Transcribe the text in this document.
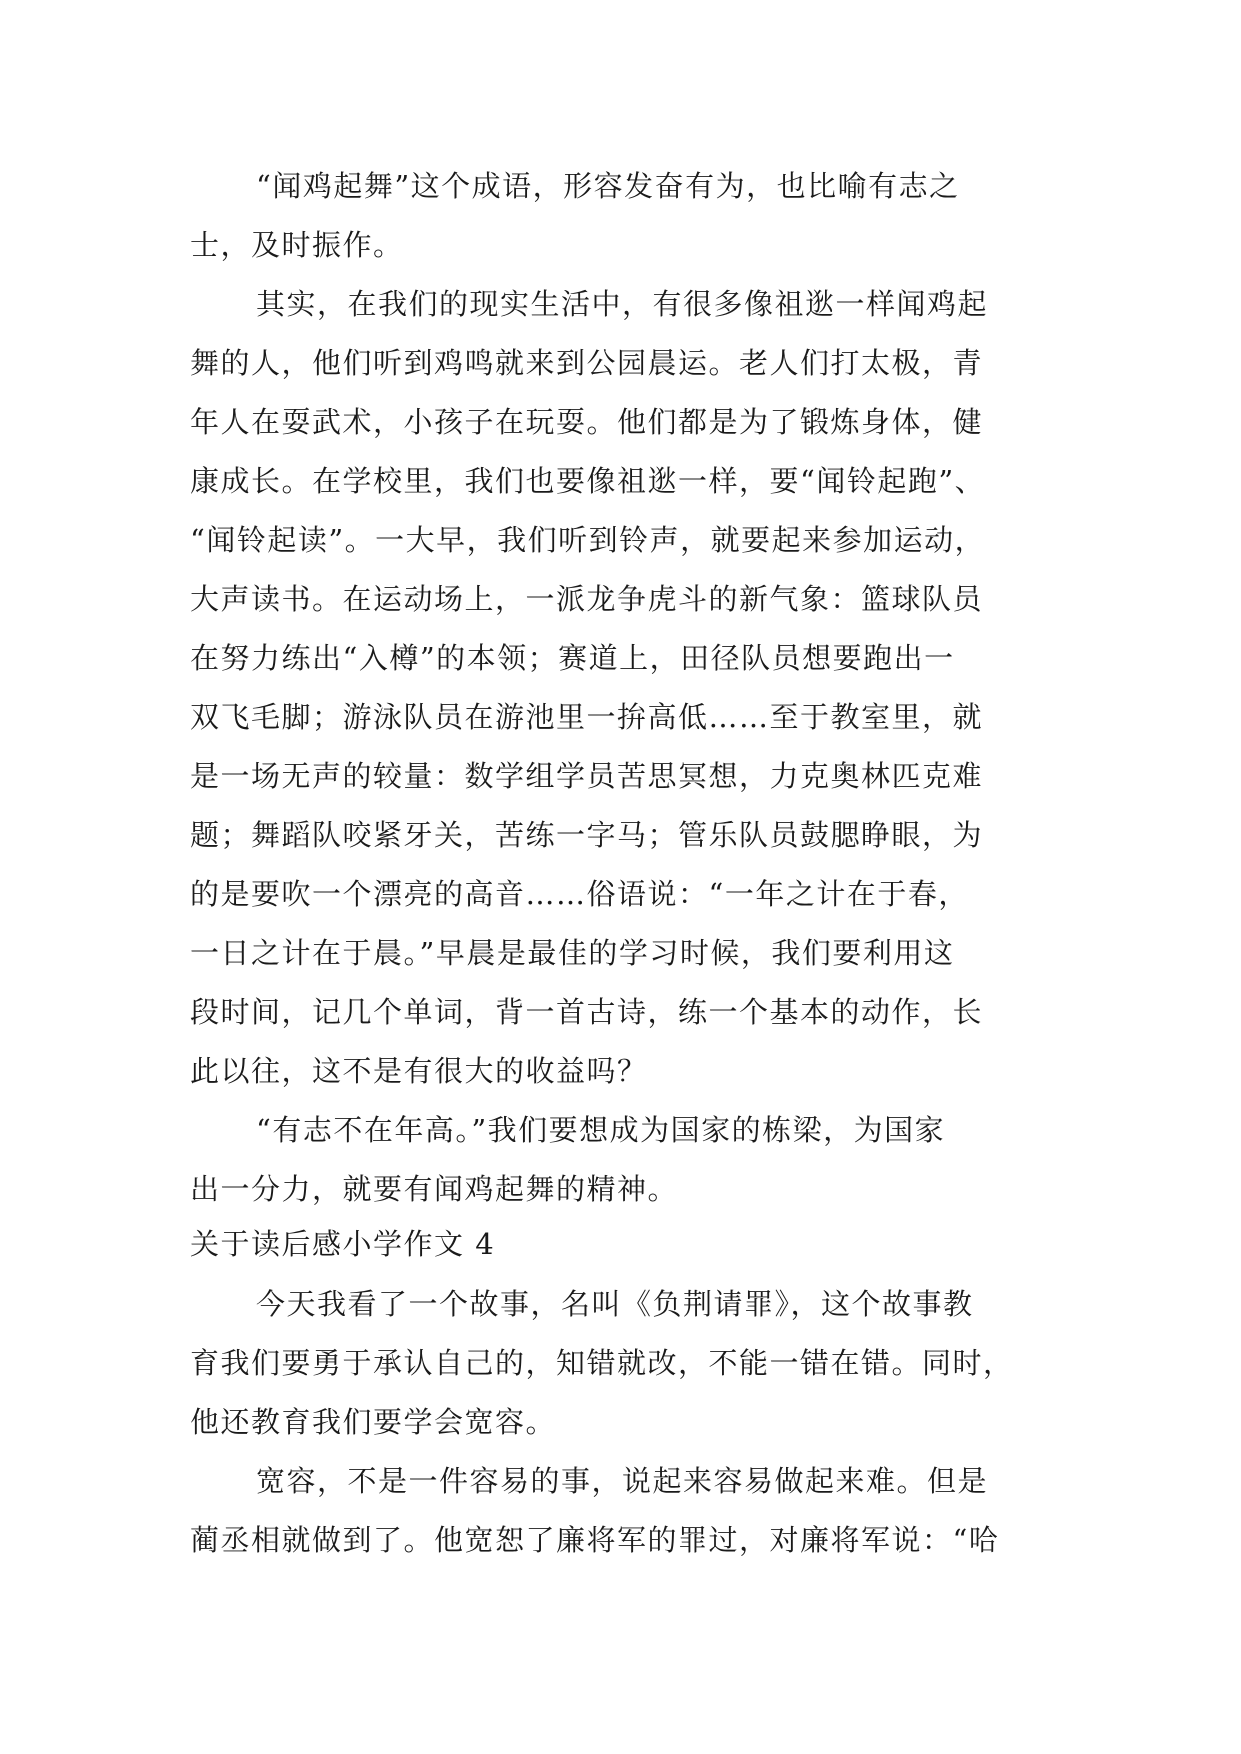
“闻鸡起舞”这个成语，形容发奋有为，也比喻有志之
士，及时振作。
其实，在我们的现实生活中，有很多像祖逖一样闻鸡起
舞的人，他们听到鸡鸣就来到公园晨运。老人们打太极，青
年人在耍武术，小孩子在玩耍。他们都是为了锻炼身体，健
康成长。在学校里，我们也要像祖逖一样，要“闻铃起跑”、
“闻铃起读”。一大早，我们听到铃声，就要起来参加运动，
大声读书。在运动场上，一派龙争虎斗的新气象：篮球队员
在努力练出“入樽”的本领；赛道上，田径队员想要跑出一
双飞毛脚；游泳队员在游池里一拚高低……至于教室里，就
是一场无声的较量：数学组学员苦思冥想，力克奥林匹克难
题；舞蹈队咬紧牙关，苦练一字马；管乐队员鼓腮睁眼，为
的是要吹一个漂亮的高音……俗语说：“一年之计在于春，
一日之计在于晨。”早晨是最佳的学习时候，我们要利用这
段时间，记几个单词，背一首古诗，练一个基本的动作，长
此以往，这不是有很大的收益吗？
“有志不在年高。”我们要想成为国家的栋梁，为国家
出一分力，就要有闻鸡起舞的精神。
关于读后感小学作文 4
今天我看了一个故事，名叫《负荆请罪》，这个故事教
育我们要勇于承认自己的，知错就改，不能一错在错。同时，
他还教育我们要学会宽容。
宽容，不是一件容易的事，说起来容易做起来难。但是
蔺丞相就做到了。他宽恕了廉将军的罪过，对廉将军说：“哈
